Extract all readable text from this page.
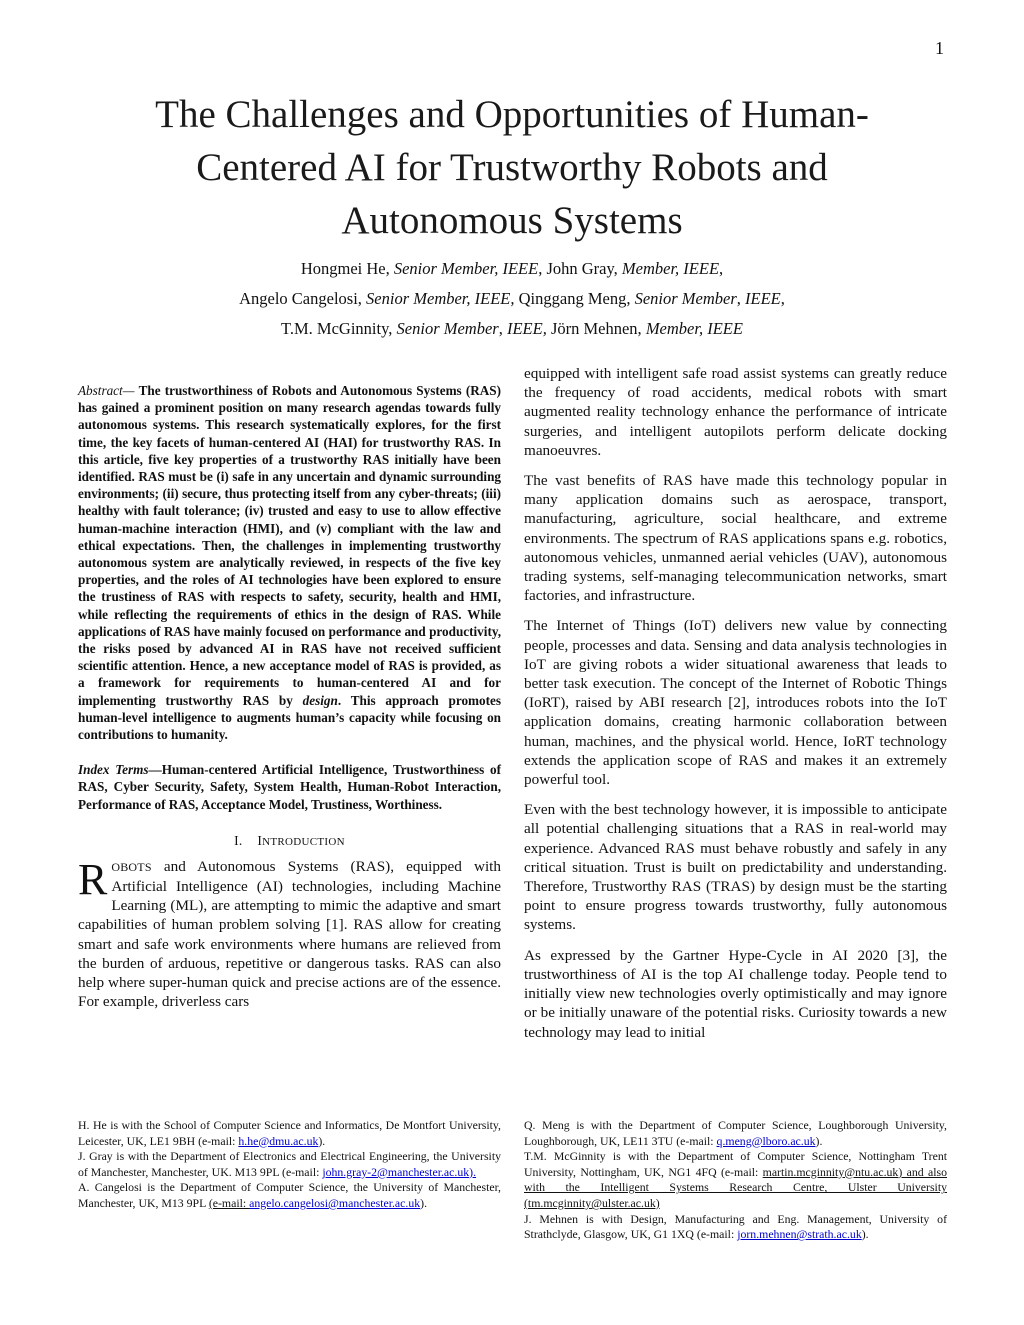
1
The Challenges and Opportunities of Human-
Centered AI for Trustworthy Robots and
Autonomous Systems
Hongmei He, Senior Member, IEEE, John Gray, Member, IEEE,
Angelo Cangelosi, Senior Member, IEEE, Qinggang Meng, Senior Member, IEEE,
T.M. McGinnity, Senior Member, IEEE, Jörn Mehnen, Member, IEEE

Abstract— The trustworthiness of Robots and Autonomous Systems (RAS) has gained a prominent position on many research agendas towards fully autonomous systems. This research systematically explores, for the first time, the key facets of human-centered AI (HAI) for trustworthy RAS. In this article, five key properties of a trustworthy RAS initially have been identified. RAS must be (i) safe in any uncertain and dynamic surrounding environments; (ii) secure, thus protecting itself from any cyber-threats; (iii) healthy with fault tolerance; (iv) trusted and easy to use to allow effective human-machine interaction (HMI), and (v) compliant with the law and ethical expectations. Then, the challenges in implementing trustworthy autonomous system are analytically reviewed, in respects of the five key properties, and the roles of AI technologies have been explored to ensure the trustiness of RAS with respects to safety, security, health and HMI, while reflecting the requirements of ethics in the design of RAS. While applications of RAS have mainly focused on performance and productivity, the risks posed by advanced AI in RAS have not received sufficient scientific attention. Hence, a new acceptance model of RAS is provided, as a framework for requirements to human-centered AI and for implementing trustworthy RAS by design. This approach promotes human-level intelligence to augments human’s capacity while focusing on contributions to humanity.

Index Terms—Human-centered Artificial Intelligence, Trustworthiness of RAS, Cyber Security, Safety, System Health, Human-Robot Interaction, Performance of RAS, Acceptance Model, Trustiness, Worthiness.

I. INTRODUCTION

ROBOTS and Autonomous Systems (RAS), equipped with Artificial Intelligence (AI) technologies, including Machine Learning (ML), are attempting to mimic the adaptive and smart capabilities of human problem solving [1]. RAS allow for creating smart and safe work environments where humans are relieved from the burden of arduous, repetitive or dangerous tasks. RAS can also help where super-human quick and precise actions are of the essence. For example, driverless cars

equipped with intelligent safe road assist systems can greatly reduce the frequency of road accidents, medical robots with smart augmented reality technology enhance the performance of intricate surgeries, and intelligent autopilots perform delicate docking manoeuvres.

The vast benefits of RAS have made this technology popular in many application domains such as aerospace, transport, manufacturing, agriculture, social healthcare, and extreme environments. The spectrum of RAS applications spans e.g. robotics, autonomous vehicles, unmanned aerial vehicles (UAV), autonomous trading systems, self-managing telecommunication networks, smart factories, and infrastructure.

The Internet of Things (IoT) delivers new value by connecting people, processes and data. Sensing and data analysis technologies in IoT are giving robots a wider situational awareness that leads to better task execution. The concept of the Internet of Robotic Things (IoRT), raised by ABI research [2], introduces robots into the IoT application domains, creating harmonic collaboration between human, machines, and the physical world. Hence, IoRT technology extends the application scope of RAS and makes it an extremely powerful tool.

Even with the best technology however, it is impossible to anticipate all potential challenging situations that a RAS in real-world may experience. Advanced RAS must behave robustly and safely in any critical situation. Trust is built on predictability and understanding. Therefore, Trustworthy RAS (TRAS) by design must be the starting point to ensure progress towards trustworthy, fully autonomous systems.

As expressed by the Gartner Hype-Cycle in AI 2020 [3], the trustworthiness of AI is the top AI challenge today. People tend to initially view new technologies overly optimistically and may ignore or be initially unaware of the potential risks. Curiosity towards a new technology may lead to initial

H. He is with the School of Computer Science and Informatics, De Montfort University, Leicester, UK, LE1 9BH (e-mail: h.he@dmu.ac.uk).

J. Gray is with the Department of Electronics and Electrical Engineering, the University of Manchester, Manchester, UK. M13 9PL (e-mail: john.gray-2@manchester.ac.uk).

A. Cangelosi is the Department of Computer Science, the University of Manchester, Manchester, UK, M13 9PL (e-mail: angelo.cangelosi@manchester.ac.uk).

Q. Meng is with the Department of Computer Science, Loughborough University, Loughborough, UK, LE11 3TU (e-mail: q.meng@lboro.ac.uk).

T.M. McGinnity is with the Department of Computer Science, Nottingham Trent University, Nottingham, UK, NG1 4FQ (e-mail: martin.mcginnity@ntu.ac.uk) and also with the Intelligent Systems Research Centre, Ulster University (tm.mcginnity@ulster.ac.uk)

J. Mehnen is with Design, Manufacturing and Eng. Management, University of Strathclyde, Glasgow, UK, G1 1XQ (e-mail: jorn.mehnen@strath.ac.uk).
